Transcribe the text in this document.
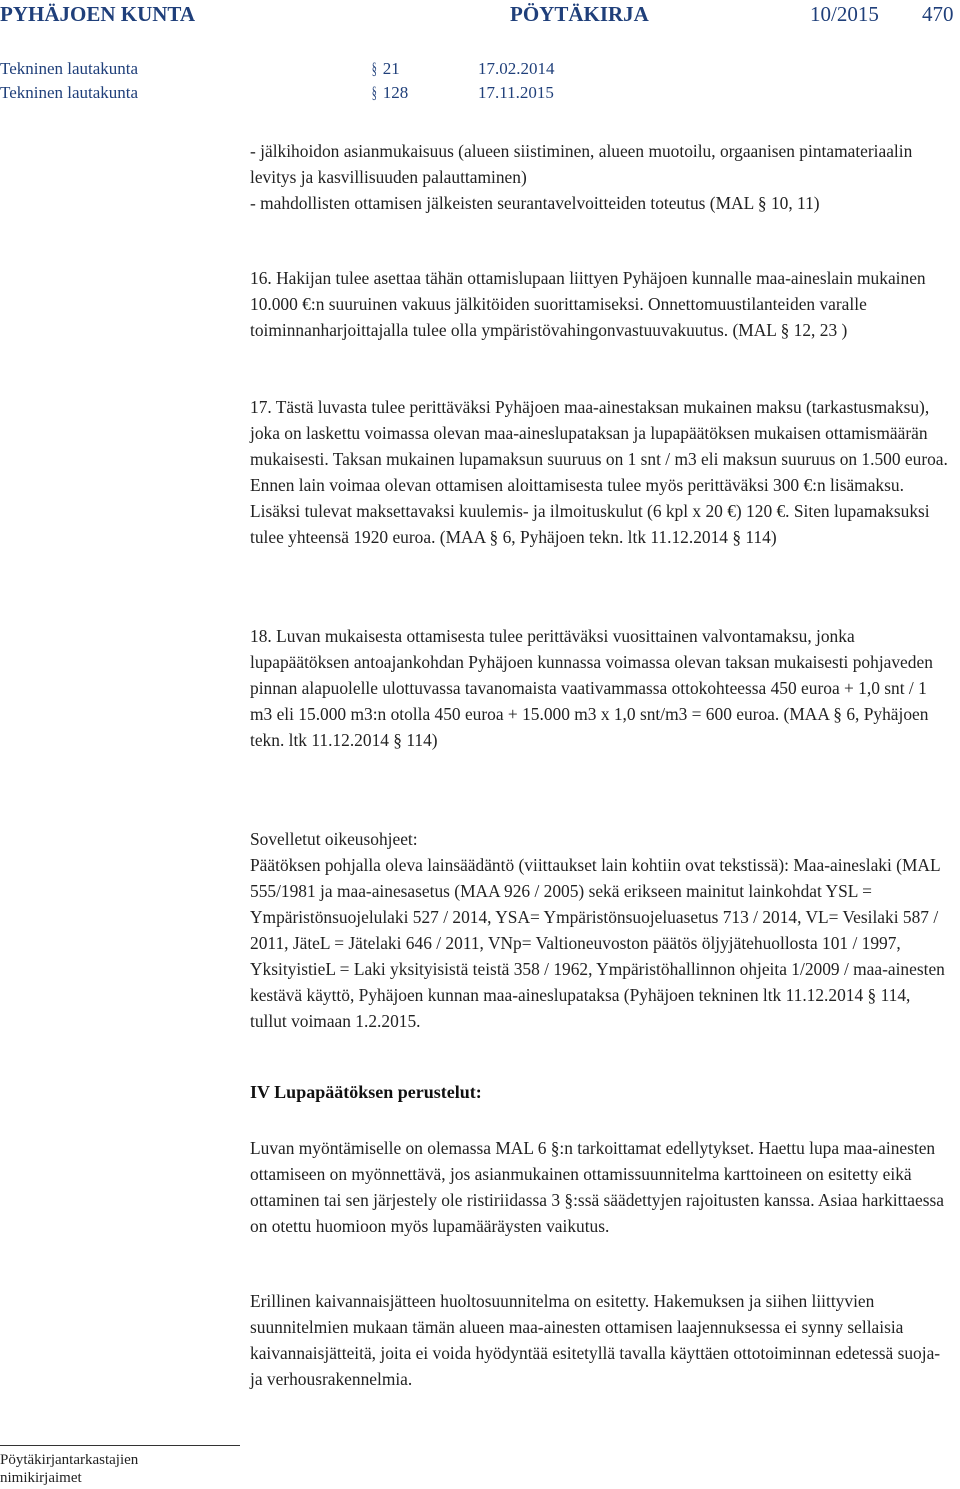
PYHÄJOEN KUNTA	PÖYTÄKIRJA	10/2015 470
Tekninen lautakunta	§ 21	17.02.2014
Tekninen lautakunta	§ 128	17.11.2015

- jälkihoidon asianmukaisuus (alueen siistiminen, alueen muotoilu, orgaanisen pintamateriaalin levitys ja kasvillisuuden palauttaminen)

- mahdollisten ottamisen jälkeisten seurantavelvoitteiden toteutus (MAL § 10, 11)

16. Hakijan tulee asettaa tähän ottamislupaan liittyen Pyhäjoen kunnalle maa-aineslain mukainen 10.000 €:n suuruinen vakuus jälkitöiden suorittamiseksi. Onnettomuustilanteiden varalle toiminnanharjoittajalla tulee olla ympäristövahingonvastuuvakuutus. (MAL § 12, 23 )

17. Tästä luvasta tulee perittäväksi Pyhäjoen maa-ainestaksan mukainen maksu (tarkastusmaksu), joka on laskettu voimassa olevan maa-aineslupataksan ja lupapäätöksen mukaisen ottamismäärän mukaisesti. Taksan mukainen lupamaksun suuruus on 1 snt / m3 eli maksun suuruus on 1.500 euroa. Ennen lain voimaa olevan ottamisen aloittamisesta tulee myös perittäväksi 300 €:n lisämaksu. Lisäksi tulevat maksettavaksi kuulemis- ja ilmoituskulut (6 kpl x 20 €) 120 €. Siten lupamaksuksi tulee yhteensä 1920 euroa. (MAA § 6, Pyhäjoen tekn. ltk 11.12.2014 § 114)

18. Luvan mukaisesta ottamisesta tulee perittäväksi vuosittainen valvontamaksu, jonka lupapäätöksen antoajankohdan Pyhäjoen kunnassa voimassa olevan taksan mukaisesti pohjaveden pinnan alapuolelle ulottuvassa tavanomaista vaativammassa ottokohteessa 450 euroa + 1,0 snt / 1 m3 eli 15.000 m3:n otolla 450 euroa + 15.000 m3 x 1,0 snt/m3 = 600 euroa. (MAA § 6, Pyhäjoen tekn. ltk 11.12.2014 § 114)

Sovelletut oikeusohjeet:

Päätöksen pohjalla oleva lainsäädäntö (viittaukset lain kohtiin ovat tekstissä): Maa-aineslaki (MAL 555/1981 ja maa-ainesasetus (MAA 926 / 2005) sekä erikseen mainitut lainkohdat YSL = Ympäristönsuojelulaki 527 / 2014, YSA= Ympäristönsuojeluasetus 713 / 2014, VL= Vesilaki 587 / 2011, JäteL = Jätelaki 646 / 2011, VNp= Valtioneuvoston päätös öljyjätehuollosta 101 / 1997, YksityistieL = Laki yksityisistä teistä 358 / 1962, Ympäristöhallinnon ohjeita 1/2009 / maa-ainesten kestävä käyttö, Pyhäjoen kunnan maa-aineslupataksa (Pyhäjoen tekninen ltk 11.12.2014 § 114, tullut voimaan 1.2.2015.

IV Lupapäätöksen perustelut:

Luvan myöntämiselle on olemassa MAL 6 §:n tarkoittamat edellytykset. Haettu lupa maa-ainesten ottamiseen on myönnettävä, jos asianmukainen ottamissuunnitelma karttoineen on esitetty eikä ottaminen tai sen järjestely ole ristiriidassa 3 §:ssä säädettyjen rajoitusten kanssa. Asiaa harkittaessa on otettu huomioon myös lupamääräysten vaikutus.

Erillinen kaivannaisjätteen huoltosuunnitelma on esitetty. Hakemuksen ja siihen liittyvien suunnitelmien mukaan tämän alueen maa-ainesten ottamisen laajennuksessa ei synny sellaisia kaivannaisjätteitä, joita ei voida hyödyntää esitetyllä tavalla käyttäen ottotoiminnan edetessä suoja- ja verhousrakennelmia.

Pöytäkirjantarkastajien
nimikirjaimet
